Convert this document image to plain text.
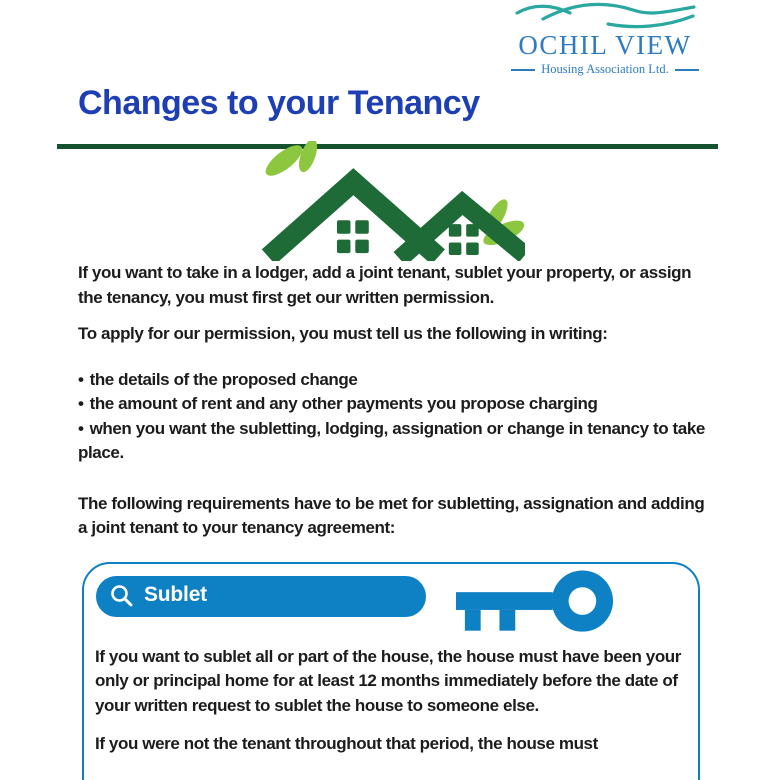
OCHIL VIEW
Housing Association Ltd.
Changes to your Tenancy

If you want to take in a lodger, add a joint tenant, sublet your property, or assign the tenancy, you must first get our written permission.

To apply for our permission, you must tell us the following in writing:

• the details of the proposed change
• the amount of rent and any other payments you propose charging
• when you want the subletting, lodging, assignation or change in tenancy to take place.

The following requirements have to be met for subletting, assignation and adding a joint tenant to your tenancy agreement:

Sublet

If you want to sublet all or part of the house, the house must have been your only or principal home for at least 12 months immediately before the date of your written request to sublet the house to someone else.

If you were not the tenant throughout that period, the house must
